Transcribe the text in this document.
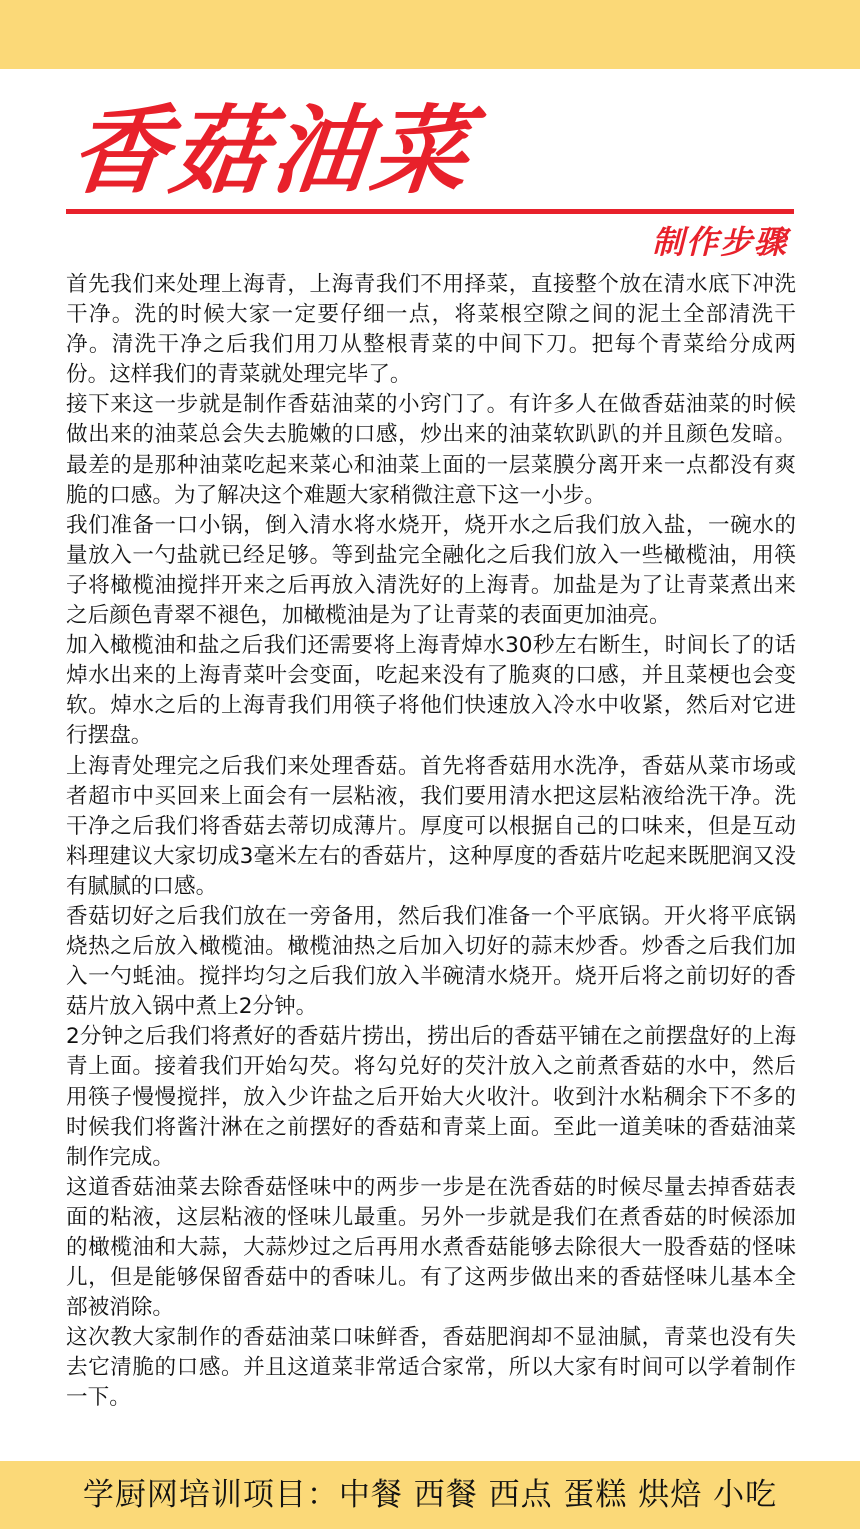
香菇油菜
制作步骤

首先我们来处理上海青，上海青我们不用择菜，直接整个放在清水底下冲洗干净。洗的时候大家一定要仔细一点，将菜根空隙之间的泥土全部清洗干净。清洗干净之后我们用刀从整根青菜的中间下刀。把每个青菜给分成两份。这样我们的青菜就处理完毕了。

接下来这一步就是制作香菇油菜的小窍门了。有许多人在做香菇油菜的时候做出来的油菜总会失去脆嫩的口感，炒出来的油菜软趴趴的并且颜色发暗。最差的是那种油菜吃起来菜心和油菜上面的一层菜膜分离开来一点都没有爽脆的口感。为了解决这个难题大家稍微注意下这一小步。

我们准备一口小锅，倒入清水将水烧开，烧开水之后我们放入盐，一碗水的量放入一勺盐就已经足够。等到盐完全融化之后我们放入一些橄榄油，用筷子将橄榄油搅拌开来之后再放入清洗好的上海青。加盐是为了让青菜煮出来之后颜色青翠不褪色，加橄榄油是为了让青菜的表面更加油亮。

加入橄榄油和盐之后我们还需要将上海青焯水30秒左右断生，时间长了的话焯水出来的上海青菜叶会变面，吃起来没有了脆爽的口感，并且菜梗也会变软。焯水之后的上海青我们用筷子将他们快速放入冷水中收紧，然后对它进行摆盘。

上海青处理完之后我们来处理香菇。首先将香菇用水洗净，香菇从菜市场或者超市中买回来上面会有一层粘液，我们要用清水把这层粘液给洗干净。洗干净之后我们将香菇去蒂切成薄片。厚度可以根据自己的口味来，但是互动料理建议大家切成3毫米左右的香菇片，这种厚度的香菇片吃起来既肥润又没有腻腻的口感。

香菇切好之后我们放在一旁备用，然后我们准备一个平底锅。开火将平底锅烧热之后放入橄榄油。橄榄油热之后加入切好的蒜末炒香。炒香之后我们加入一勺蚝油。搅拌均匀之后我们放入半碗清水烧开。烧开后将之前切好的香菇片放入锅中煮上2分钟。

2分钟之后我们将煮好的香菇片捞出，捞出后的香菇平铺在之前摆盘好的上海青上面。接着我们开始勾芡。将勾兑好的芡汁放入之前煮香菇的水中，然后用筷子慢慢搅拌，放入少许盐之后开始大火收汁。收到汁水粘稠余下不多的时候我们将酱汁淋在之前摆好的香菇和青菜上面。至此一道美味的香菇油菜制作完成。

这道香菇油菜去除香菇怪味中的两步一步是在洗香菇的时候尽量去掉香菇表面的粘液，这层粘液的怪味儿最重。另外一步就是我们在煮香菇的时候添加的橄榄油和大蒜，大蒜炒过之后再用水煮香菇能够去除很大一股香菇的怪味儿，但是能够保留香菇中的香味儿。有了这两步做出来的香菇怪味儿基本全部被消除。

这次教大家制作的香菇油菜口味鲜香，香菇肥润却不显油腻，青菜也没有失去它清脆的口感。并且这道菜非常适合家常，所以大家有时间可以学着制作一下。

学厨网培训项目：中餐 西餐 西点 蛋糕 烘焙 小吃
